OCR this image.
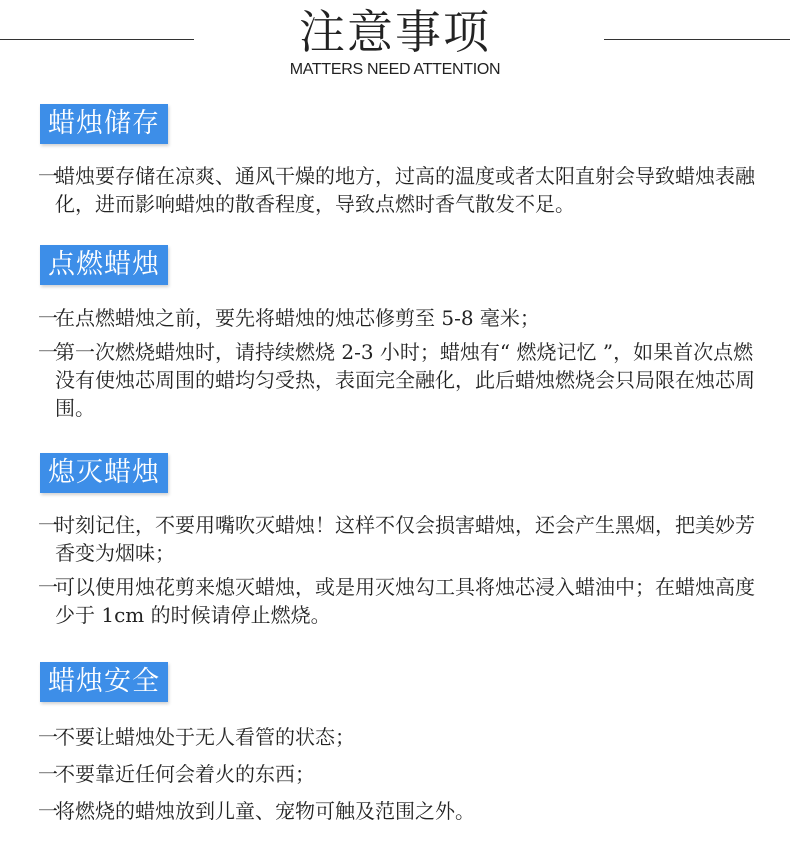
注意事项
MATTERS NEED ATTENTION
蜡烛储存
一
蜡烛要存储在凉爽、通风干燥的地方，过高的温度或者太阳直射会导致蜡烛表融化，进而影响蜡烛的散香程度，导致点燃时香气散发不足。
点燃蜡烛
一
在点燃蜡烛之前，要先将蜡烛的烛芯修剪至 5-8 毫米；
一
第一次燃烧蜡烛时，请持续燃烧 2-3 小时；蜡烛有“ 燃烧记忆 ”，如果首次点燃没有使烛芯周围的蜡均匀受热，表面完全融化，此后蜡烛燃烧会只局限在烛芯周围。
熄灭蜡烛
一
时刻记住，不要用嘴吹灭蜡烛！这样不仅会损害蜡烛，还会产生黑烟，把美妙芳香变为烟味；
一
可以使用烛花剪来熄灭蜡烛，或是用灭烛勾工具将烛芯浸入蜡油中；在蜡烛高度少于 1cm 的时候请停止燃烧。
蜡烛安全
一
不要让蜡烛处于无人看管的状态；
一
不要靠近任何会着火的东西；
一
将燃烧的蜡烛放到儿童、宠物可触及范围之外。
